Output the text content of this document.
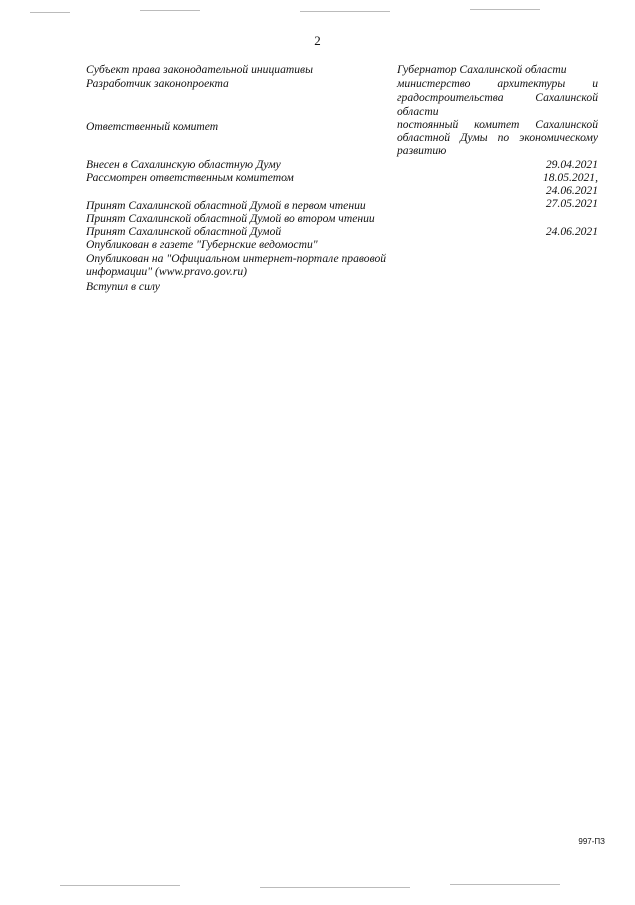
2
Субъект права законодательной инициативы	Губернатор Сахалинской области
Разработчик законопроекта	министерство архитектуры и
градостроительства Сахалинской
области
Ответственный комитет	постоянный комитет Сахалинской
областной Думы по экономическому
развитию
Внесен в Сахалинскую областную Думу	29.04.2021
Рассмотрен ответственным комитетом	18.05.2021,
24.06.2021
Принят Сахалинской областной Думой в первом чтении	27.05.2021
Принят Сахалинской областной Думой во втором чтении
Принят Сахалинской областной Думой	24.06.2021
Опубликован в газете "Губернские ведомости"
Опубликован на "Официальном интернет-портале правовой
информации" (www.pravo.gov.ru)
Вступил в силу
997-ПЗ
